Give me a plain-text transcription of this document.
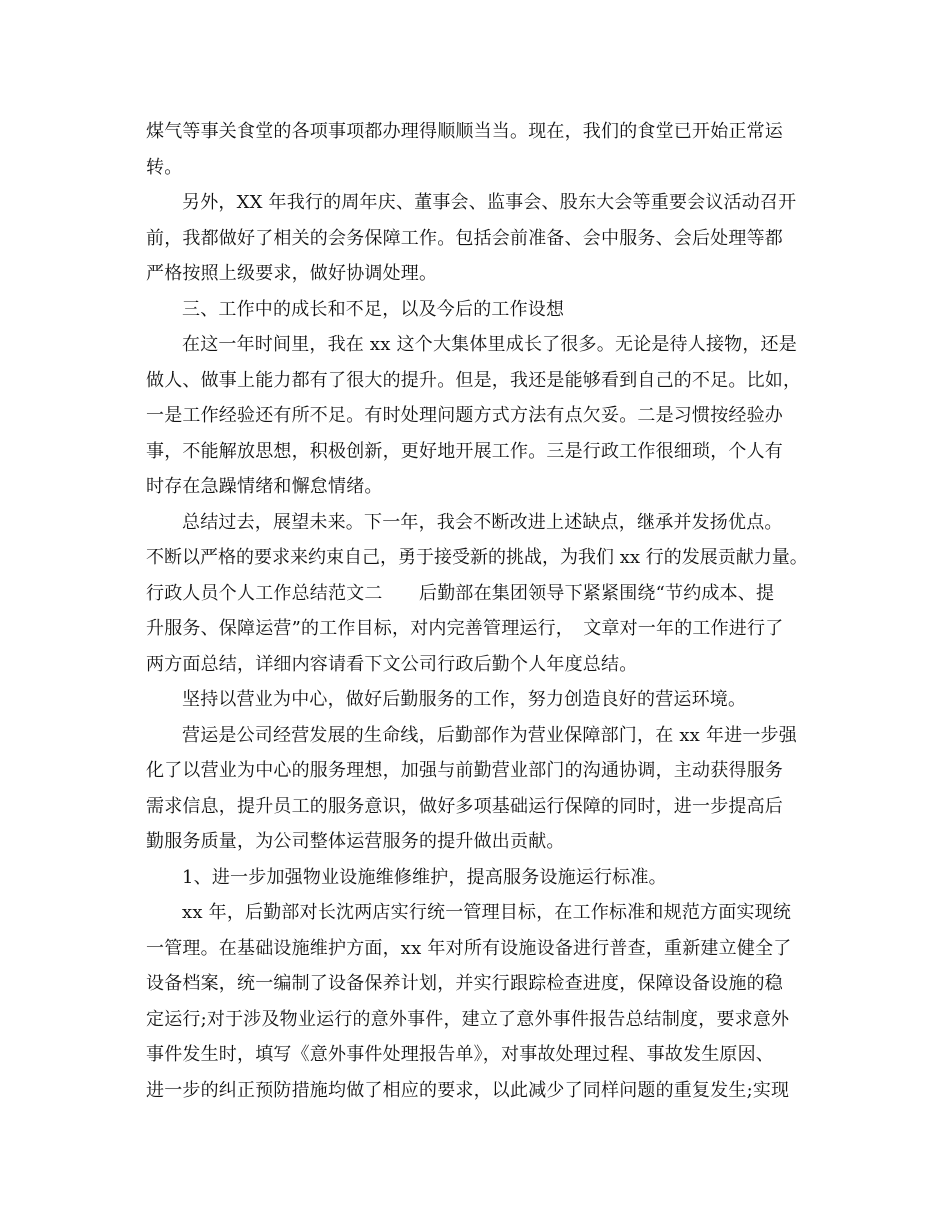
煤气等事关食堂的各项事项都办理得顺顺当当。现在，我们的食堂已开始正常运
转。
另外，XX 年我行的周年庆、董事会、监事会、股东大会等重要会议活动召开
前，我都做好了相关的会务保障工作。包括会前准备、会中服务、会后处理等都
严格按照上级要求，做好协调处理。
三、工作中的成长和不足，以及今后的工作设想
在这一年时间里，我在 xx 这个大集体里成长了很多。无论是待人接物，还是
做人、做事上能力都有了很大的提升。但是，我还是能够看到自己的不足。比如，
一是工作经验还有所不足。有时处理问题方式方法有点欠妥。二是习惯按经验办
事，不能解放思想，积极创新，更好地开展工作。三是行政工作很细琐，个人有
时存在急躁情绪和懈怠情绪。
总结过去，展望未来。下一年，我会不断改进上述缺点，继承并发扬优点。
不断以严格的要求来约束自己，勇于接受新的挑战，为我们 xx 行的发展贡献力量。
行政人员个人工作总结范文二　　后勤部在集团领导下紧紧围绕“节约成本、提
升服务、保障运营”的工作目标，对内完善管理运行，　文章对一年的工作进行了
两方面总结，详细内容请看下文公司行政后勤个人年度总结。
坚持以营业为中心，做好后勤服务的工作，努力创造良好的营运环境。
营运是公司经营发展的生命线，后勤部作为营业保障部门，在 xx 年进一步强
化了以营业为中心的服务理想，加强与前勤营业部门的沟通协调，主动获得服务
需求信息，提升员工的服务意识，做好多项基础运行保障的同时，进一步提高后
勤服务质量，为公司整体运营服务的提升做出贡献。
1、进一步加强物业设施维修维护，提高服务设施运行标准。
xx 年，后勤部对长沈两店实行统一管理目标，在工作标准和规范方面实现统
一管理。在基础设施维护方面，xx 年对所有设施设备进行普查，重新建立健全了
设备档案，统一编制了设备保养计划，并实行跟踪检查进度，保障设备设施的稳
定运行;对于涉及物业运行的意外事件，建立了意外事件报告总结制度，要求意外
事件发生时，填写《意外事件处理报告单》，对事故处理过程、事故发生原因、
进一步的纠正预防措施均做了相应的要求，以此减少了同样问题的重复发生;实现
